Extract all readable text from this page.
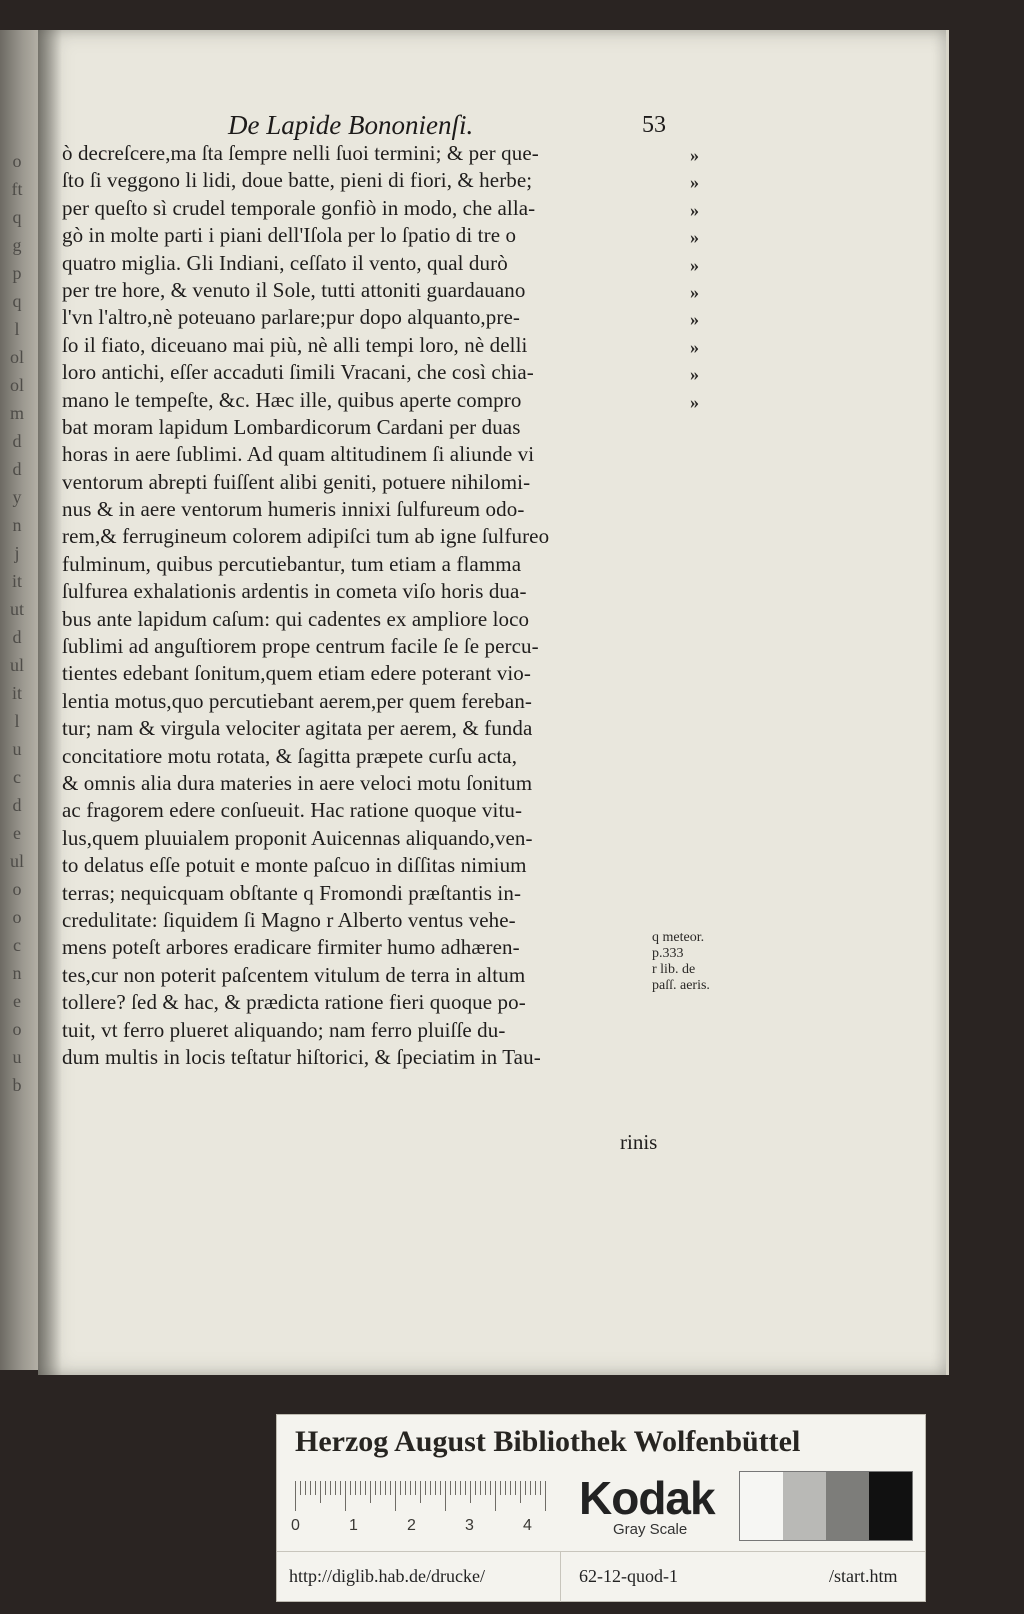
o
ft
q
g
p
q
l
ol
ol
m
d
d
y
n
j
it
ut
d
ul
it
l
u
c
d
e
ul
o
o
c
n
e
o
u
b
De Lapide Bononienſi.	53
ò decreſcere,ma ſta ſempre nelli ſuoi termini; & per que-
ſto ſi veggono li lidi, doue batte, pieni di fiori, & herbe;
per queſto sì crudel temporale gonfiò in modo, che alla-
gò in molte parti i piani dell'Iſola per lo ſpatio di tre o
quatro miglia. Gli Indiani, ceſſato il vento, qual durò
per tre hore, & venuto il Sole, tutti attoniti guardauano
l'vn l'altro,nè poteuano parlare;pur dopo alquanto,pre-
ſo il fiato, diceuano mai più, nè alli tempi loro, nè delli
loro antichi, eſſer accaduti ſimili Vracani, che così chia-
mano le tempeſte, &c. Hæc ille, quibus aperte compro
bat moram lapidum Lombardicorum Cardani per duas
horas in aere ſublimi. Ad quam altitudinem ſi aliunde vi
ventorum abrepti fuiſſent alibi geniti, potuere nihilomi-
nus & in aere ventorum humeris innixi ſulfureum odo-
rem,& ferrugineum colorem adipiſci tum ab igne ſulfureo
fulminum, quibus percutiebantur, tum etiam a flamma
ſulfurea exhalationis ardentis in cometa viſo horis dua-
bus ante lapidum caſum: qui cadentes ex ampliore loco
ſublimi ad anguſtiorem prope centrum facile ſe ſe percu-
tientes edebant ſonitum,quem etiam edere poterant vio-
lentia motus,quo percutiebant aerem,per quem fereban-
tur; nam & virgula velociter agitata per aerem, & funda
concitatiore motu rotata, & ſagitta præpete curſu acta,
& omnis alia dura materies in aere veloci motu ſonitum
ac fragorem edere conſueuit. Hac ratione quoque vitu-
lus,quem pluuialem proponit Auicennas aliquando,ven-
to delatus eſſe potuit e monte paſcuo in diſſitas nimium
terras; nequicquam obſtante q Fromondi præſtantis in-
credulitate: ſiquidem ſi Magno r Alberto ventus vehe-
mens poteſt arbores eradicare firmiter humo adhæren-
tes,cur non poterit paſcentem vitulum de terra in altum
tollere? ſed & hac, & prædicta ratione fieri quoque po-
tuit, vt ferro plueret aliquando; nam ferro pluiſſe du-
dum multis in locis teſtatur hiſtorici, & ſpeciatim in Tau-
»
»
»
»
»
»
»
»
»
»
rinis
q meteor.
p.333
r lib. de
paſſ. aeris.
Herzog August Bibliothek Wolfenbüttel
0	1	2	3	4
Kodak
Gray Scale
http://diglib.hab.de/drucke/	62-12-quod-1	/start.htm
